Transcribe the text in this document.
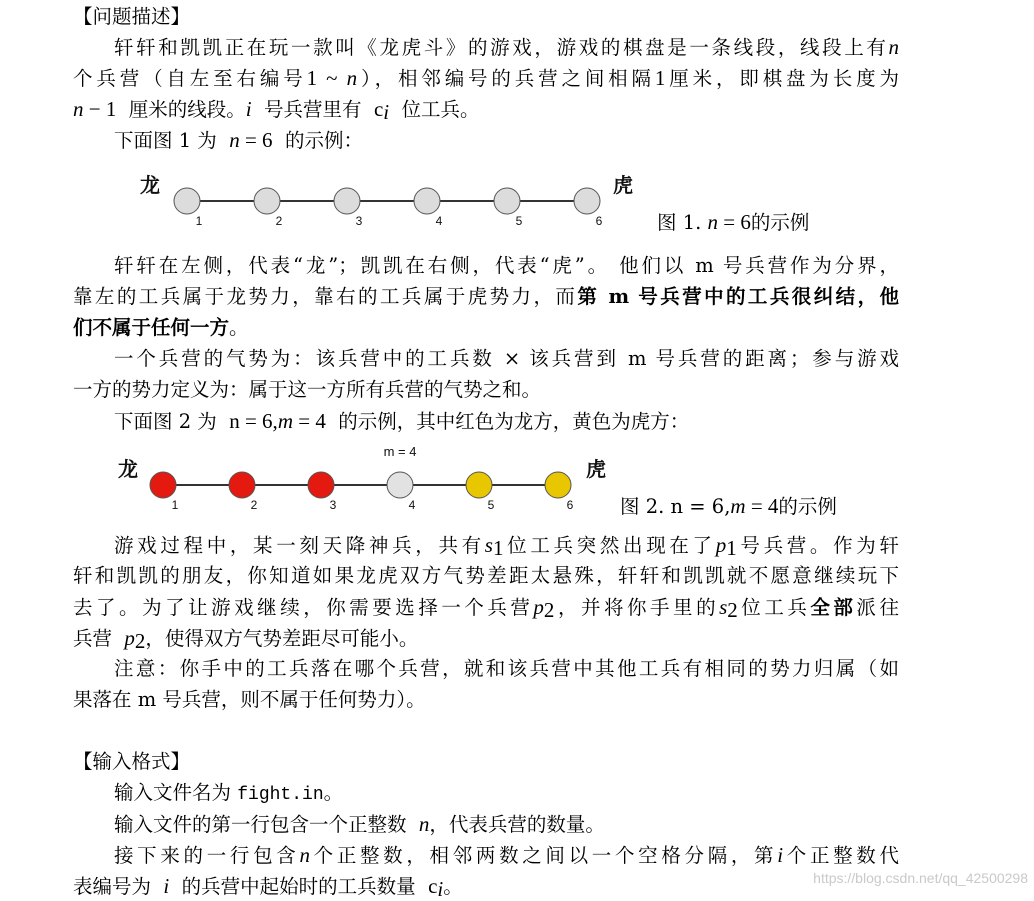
【问题描述】
轩轩和凯凯正在玩一款叫《龙虎斗》的游戏，游戏的棋盘是一条线段，线段上有n
个兵营（自左至右编号1 ~ n），相邻编号的兵营之间相隔1厘米，即棋盘为长度为
n − 1 厘米的线段。i 号兵营里有 $c_i$ 位工兵。
下面图 1 为 n = 6 的示例：
龙	虎
1	2	3	4	5	6	图 1. n = 6的示例
轩轩在左侧，代表“龙”；凯凯在右侧，代表“虎”。 他们以 m 号兵营作为分界，
靠左的工兵属于龙势力，靠右的工兵属于虎势力，而第 m 号兵营中的工兵很纠结，他
们不属于任何一方。
一个兵营的气势为：该兵营中的工兵数 × 该兵营到 m 号兵营的距离；参与游戏
一方的势力定义为：属于这一方所有兵营的气势之和。
下面图 2 为 n = 6,m = 4 的示例，其中红色为龙方，黄色为虎方：
m = 4
龙	虎
1	2	3	4	5	6 图 2. n = 6,m = 4的示例
游戏过程中，某一刻天降神兵，共有$s_1$位工兵突然出现在了$p_1$号兵营。作为轩
轩和凯凯的朋友，你知道如果龙虎双方气势差距太悬殊，轩轩和凯凯就不愿意继续玩下
去了。为了让游戏继续，你需要选择一个兵营$p_2$，并将你手里的$s_2$位工兵全部派往
兵营 $p_2$，使得双方气势差距尽可能小。
注意：你手中的工兵落在哪个兵营，就和该兵营中其他工兵有相同的势力归属（如
果落在 m 号兵营，则不属于任何势力）。
【输入格式】
输入文件名为 fight.in。
输入文件的第一行包含一个正整数 n，代表兵营的数量。
接下来的一行包含n个正整数，相邻两数之间以一个空格分隔，第i个正整数代
表编号为 i 的兵营中起始时的工兵数量 $c_i$。	https://blog.csdn.net/qq_42500298
